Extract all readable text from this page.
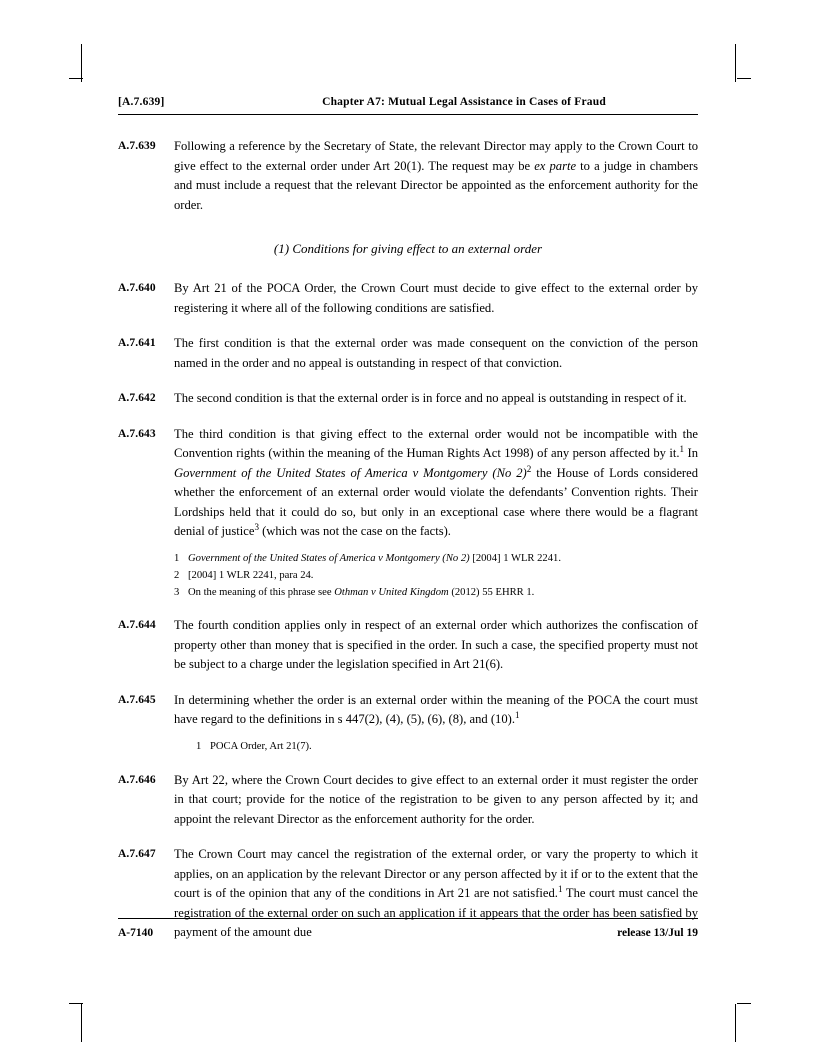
[A.7.639]	Chapter A7: Mutual Legal Assistance in Cases of Fraud
A.7.639	Following a reference by the Secretary of State, the relevant Director may apply to the Crown Court to give effect to the external order under Art 20(1). The request may be ex parte to a judge in chambers and must include a request that the relevant Director be appointed as the enforcement authority for the order.
(1) Conditions for giving effect to an external order
A.7.640	By Art 21 of the POCA Order, the Crown Court must decide to give effect to the external order by registering it where all of the following conditions are satisfied.
A.7.641	The first condition is that the external order was made consequent on the conviction of the person named in the order and no appeal is outstanding in respect of that conviction.
A.7.642	The second condition is that the external order is in force and no appeal is outstanding in respect of it.
A.7.643	The third condition is that giving effect to the external order would not be incompatible with the Convention rights (within the meaning of the Human Rights Act 1998) of any person affected by it.$^1$ In Government of the United States of America v Montgomery (No 2)$^2$ the House of Lords considered whether the enforcement of an external order would violate the defendants’ Convention rights. Their Lordships held that it could do so, but only in an exceptional case where there would be a flagrant denial of justice$^3$ (which was not the case on the facts).
1 Government of the United States of America v Montgomery (No 2) [2004] 1 WLR 2241.
2 [2004] 1 WLR 2241, para 24.
3 On the meaning of this phrase see Othman v United Kingdom (2012) 55 EHRR 1.
A.7.644	The fourth condition applies only in respect of an external order which authorizes the confiscation of property other than money that is specified in the order. In such a case, the specified property must not be subject to a charge under the legislation specified in Art 21(6).
A.7.645	In determining whether the order is an external order within the meaning of the POCA the court must have regard to the definitions in s 447(2), (4), (5), (6), (8), and (10).$^1$
1 POCA Order, Art 21(7).
A.7.646	By Art 22, where the Crown Court decides to give effect to an external order it must register the order in that court; provide for the notice of the registration to be given to any person affected by it; and appoint the relevant Director as the enforcement authority for the order.
A.7.647	The Crown Court may cancel the registration of the external order, or vary the property to which it applies, on an application by the relevant Director or any person affected by it if or to the extent that the court is of the opinion that any of the conditions in Art 21 are not satisfied.$^1$ The court must cancel the registration of the external order on such an application if it appears that the order has been satisfied by payment of the amount due
A-7140	release 13/Jul 19
